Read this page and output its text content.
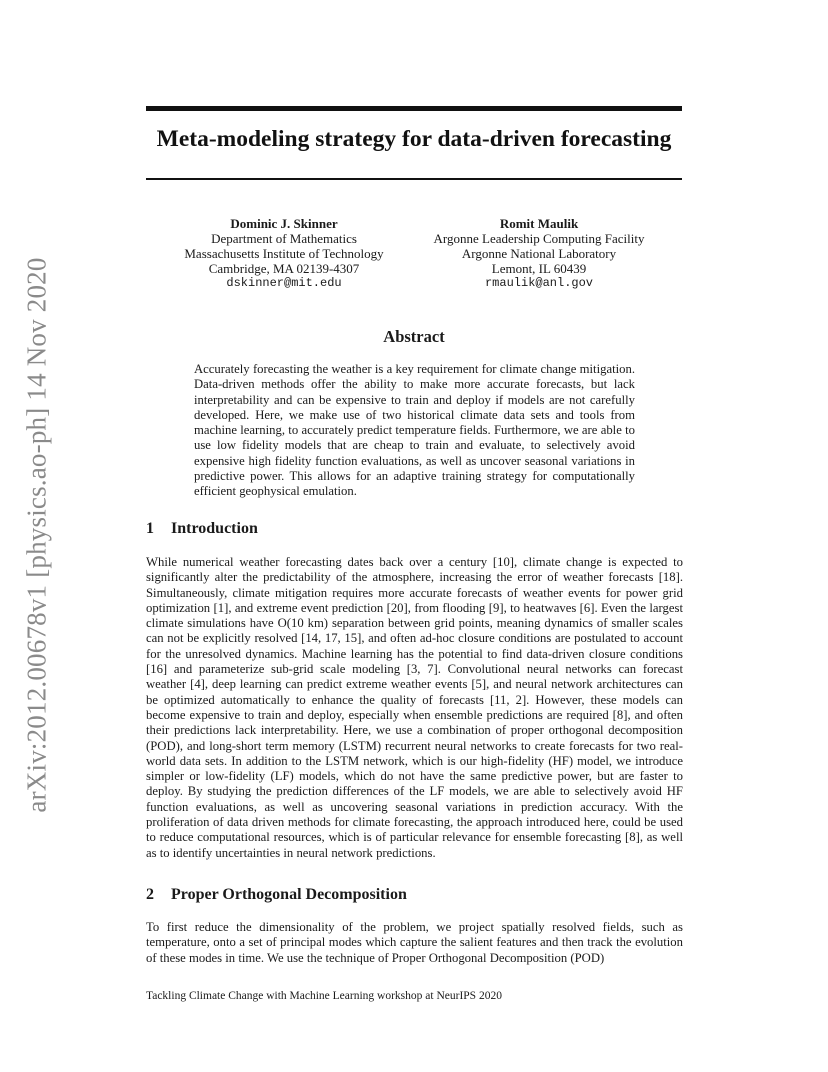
arXiv:2012.00678v1 [physics.ao-ph] 14 Nov 2020
Meta-modeling strategy for data-driven forecasting
Dominic J. Skinner
Department of Mathematics
Massachusetts Institute of Technology
Cambridge, MA 02139-4307
dskinner@mit.edu
Romit Maulik
Argonne Leadership Computing Facility
Argonne National Laboratory
Lemont, IL 60439
rmaulik@anl.gov
Abstract

Accurately forecasting the weather is a key requirement for climate change mitigation. Data-driven methods offer the ability to make more accurate forecasts, but lack interpretability and can be expensive to train and deploy if models are not carefully developed. Here, we make use of two historical climate data sets and tools from machine learning, to accurately predict temperature fields. Furthermore, we are able to use low fidelity models that are cheap to train and evaluate, to selectively avoid expensive high fidelity function evaluations, as well as uncover seasonal variations in predictive power. This allows for an adaptive training strategy for computationally efficient geophysical emulation.

1 Introduction

While numerical weather forecasting dates back over a century [10], climate change is expected to significantly alter the predictability of the atmosphere, increasing the error of weather forecasts [18]. Simultaneously, climate mitigation requires more accurate forecasts of weather events for power grid optimization [1], and extreme event prediction [20], from flooding [9], to heatwaves [6]. Even the largest climate simulations have O(10 km) separation between grid points, meaning dynamics of smaller scales can not be explicitly resolved [14, 17, 15], and often ad-hoc closure conditions are postulated to account for the unresolved dynamics. Machine learning has the potential to find data-driven closure conditions [16] and parameterize sub-grid scale modeling [3, 7]. Convolutional neural networks can forecast weather [4], deep learning can predict extreme weather events [5], and neural network architectures can be optimized automatically to enhance the quality of forecasts [11, 2]. However, these models can become expensive to train and deploy, especially when ensemble predictions are required [8], and often their predictions lack interpretability. Here, we use a combination of proper orthogonal decomposition (POD), and long-short term memory (LSTM) recurrent neural networks to create forecasts for two real-world data sets. In addition to the LSTM network, which is our high-fidelity (HF) model, we introduce simpler or low-fidelity (LF) models, which do not have the same predictive power, but are faster to deploy. By studying the prediction differences of the LF models, we are able to selectively avoid HF function evaluations, as well as uncovering seasonal variations in prediction accuracy. With the proliferation of data driven methods for climate forecasting, the approach introduced here, could be used to reduce computational resources, which is of particular relevance for ensemble forecasting [8], as well as to identify uncertainties in neural network predictions.

2 Proper Orthogonal Decomposition

To first reduce the dimensionality of the problem, we project spatially resolved fields, such as temperature, onto a set of principal modes which capture the salient features and then track the evolution of these modes in time. We use the technique of Proper Orthogonal Decomposition (POD)

Tackling Climate Change with Machine Learning workshop at NeurIPS 2020
